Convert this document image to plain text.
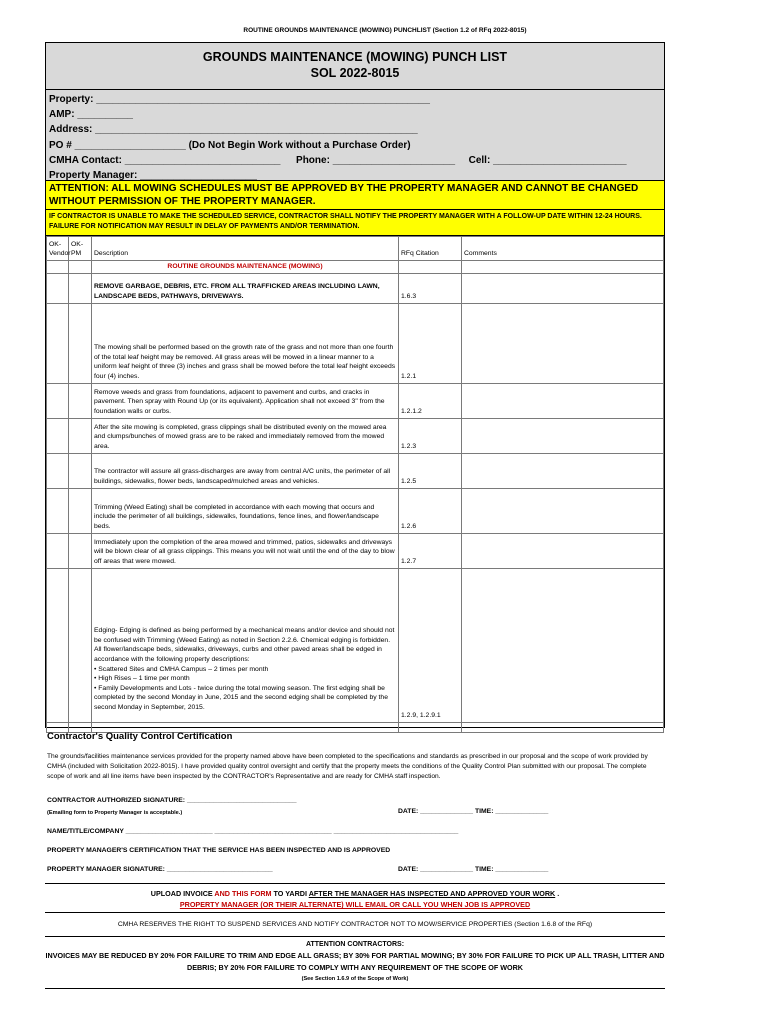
ROUTINE GROUNDS MAINTENANCE (MOWING) PUNCHLIST (Section 1.2 of RFq 2022-8015)
GROUNDS MAINTENANCE (MOWING) PUNCH LIST
SOL 2022-8015
Property: ____________________________________________________________
AMP: __________
Address: __________________________________________________________
PO # ____________________ (Do Not Begin Work without a Purchase Order)
CMHA Contact: ____________________________ Phone: ______________________ Cell: ________________________
Property Manager: _____________________
ATTENTION: ALL MOWING SCHEDULES MUST BE APPROVED BY THE PROPERTY MANAGER AND CANNOT BE CHANGED WITHOUT PERMISSION OF THE PROPERTY MANAGER.
IF CONTRACTOR IS UNABLE TO MAKE THE SCHEDULED SERVICE, CONTRACTOR SHALL NOTIFY THE PROPERTY MANAGER WITH A FOLLOW-UP DATE WITHIN 12-24 HOURS. FAILURE FOR NOTIFICATION MAY RESULT IN DELAY OF PAYMENTS AND/OR TERMINATION.
OK-
Vendor	OK-
PM	Description	RFq Citation	Comments
		ROUTINE GROUNDS MAINTENANCE (MOWING)		
		REMOVE GARBAGE, DEBRIS, ETC. FROM ALL TRAFFICKED AREAS INCLUDING LAWN, LANDSCAPE BEDS, PATHWAYS, DRIVEWAYS.	1.6.3	
		The mowing shall be performed based on the growth rate of the grass and not more than one fourth of the total leaf height may be removed. All grass areas will be mowed in a linear manner to a uniform leaf height of three (3) inches and grass shall be mowed before the total leaf height exceeds four (4) inches.	1.2.1	
		Remove weeds and grass from foundations, adjacent to pavement and curbs, and cracks in pavement. Then spray with Round Up (or its equivalent). Application shall not exceed 3" from the foundation walls or curbs.	1.2.1.2	
		After the site mowing is completed, grass clippings shall be distributed evenly on the mowed area and clumps/bunches of mowed grass are to be raked and immediately removed from the mowed area.	1.2.3	
		The contractor will assure all grass-discharges are away from central A/C units, the perimeter of all buildings, sidewalks, flower beds, landscaped/mulched areas and vehicles.	1.2.5	
		Trimming (Weed Eating) shall be completed in accordance with each mowing that occurs and include the perimeter of all buildings, sidewalks, foundations, fence lines, and flower/landscape beds.	1.2.6	
		Immediately upon the completion of the area mowed and trimmed, patios, sidewalks and driveways will be blown clear of all grass clippings. This means you will not wait until the end of the day to blow off areas that were mowed.	1.2.7	

		Edging- Edging is defined as being performed by a mechanical means and/or device and should not be confused with Trimming (Weed Eating) as noted in Section 2.2.6. Chemical edging is forbidden.
All flower/landscape beds, sidewalks, driveways, curbs and other paved areas shall be edged in accordance with the following property descriptions:
• Scattered Sites and CMHA Campus – 2 times per month
• High Rises – 1 time per month
• Family Developments and Lots - twice during the total mowing season. The first edging shall be completed by the second Monday in June, 2015 and the second edging shall be completed by the second Monday in September, 2015.	1.2.9, 1.2.9.1	

Contractor's Quality Control Certification
The grounds/facilities maintenance services provided for the property named above have been completed to the specifications and standards as prescribed in our proposal and the scope of work provided by CMHA (included with Solicitation 2022-8015). I have provided quality control oversight and certify that the property meets the conditions of the Quality Control Plan submitted with our proposal. The complete scope of work and all line items have been inspected by the CONTRACTOR's Representative and are ready for CMHA staff inspection.
CONTRACTOR AUTHORIZED SIGNATURE: _____________________________
(Emailing form to Property Manager is acceptable.)	DATE: ______________ TIME: ______________
NAME/TITLE/COMPANY _______________________ _______________________________ _________________________________
PROPERTY MANAGER'S CERTIFICATION THAT THE SERVICE HAS BEEN INSPECTED AND IS APPROVED
PROPERTY MANAGER SIGNATURE: ____________________________	DATE: ______________ TIME: ______________
UPLOAD INVOICE AND THIS FORM TO YARDI AFTER THE MANAGER HAS INSPECTED AND APPROVED YOUR WORK .
PROPERTY MANAGER (OR THEIR ALTERNATE) WILL EMAIL OR CALL YOU WHEN JOB IS APPROVED
CMHA RESERVES THE RIGHT TO SUSPEND SERVICES AND NOTIFY CONTRACTOR NOT TO MOW/SERVICE PROPERTIES (Section 1.6.8 of the RFq)
ATTENTION CONTRACTORS:
INVOICES MAY BE REDUCED BY 20% FOR FAILURE TO TRIM AND EDGE ALL GRASS; BY 30% FOR PARTIAL MOWING; BY 30% FOR FAILURE TO PICK UP ALL TRASH, LITTER AND DEBRIS; BY 20% FOR FAILURE TO COMPLY WITH ANY REQUIREMENT OF THE SCOPE OF WORK
(See Section 1.6.9 of the Scope of Work)
